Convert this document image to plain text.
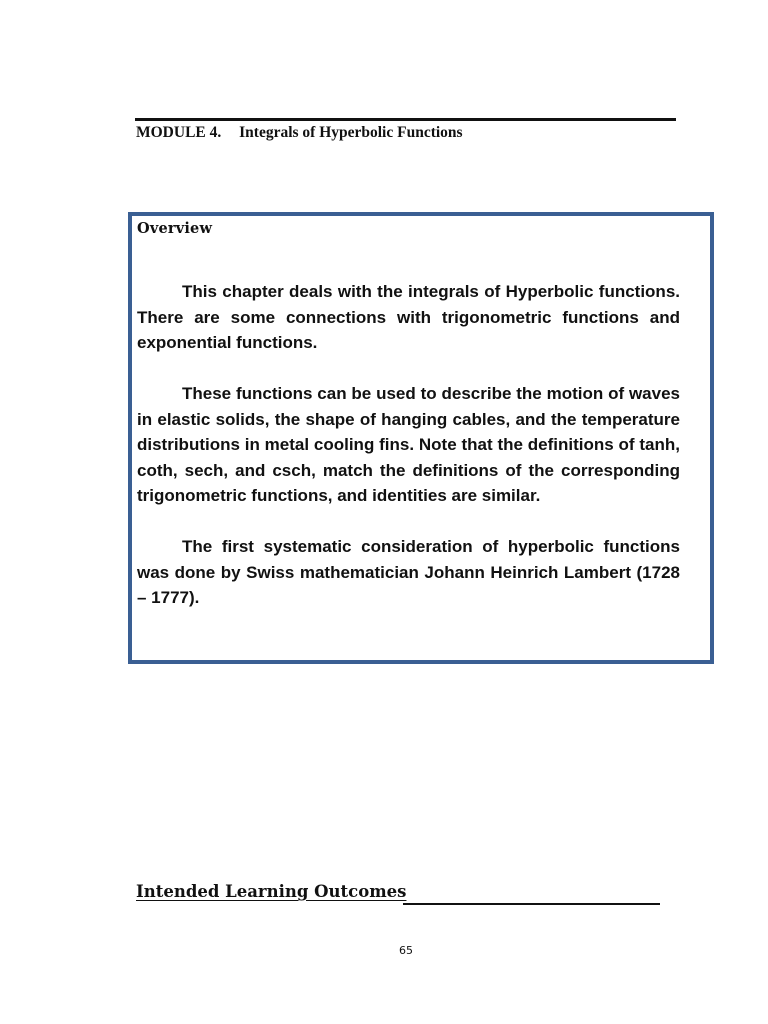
MODULE 4. Integrals of Hyperbolic Functions
Overview

This chapter deals with the integrals of Hyperbolic functions. There are some connections with trigonometric functions and exponential functions.

These functions can be used to describe the motion of waves in elastic solids, the shape of hanging cables, and the temperature distributions in metal cooling fins. Note that the definitions of tanh, coth, sech, and csch, match the definitions of the corresponding trigonometric functions, and identities are similar.

The first systematic consideration of hyperbolic functions was done by Swiss mathematician Johann Heinrich Lambert (1728 – 1777).

Intended Learning Outcomes
65
